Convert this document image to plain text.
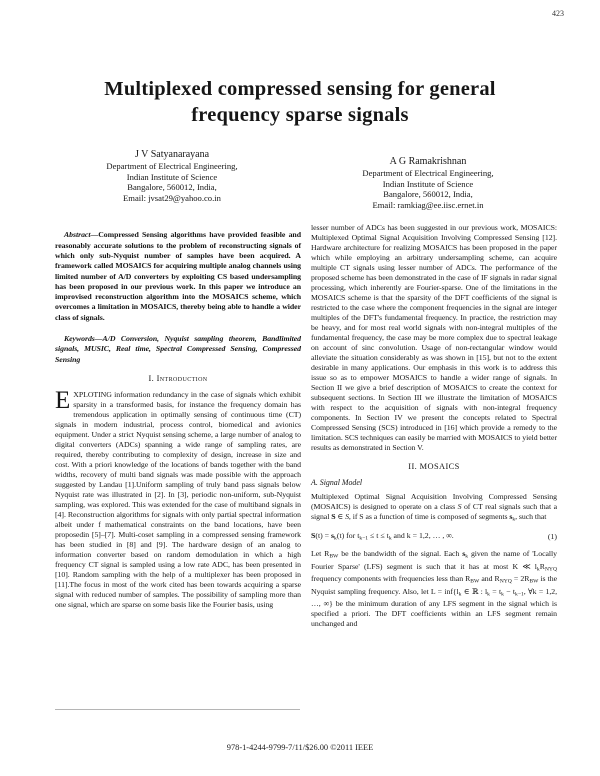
423
Multiplexed compressed sensing for general frequency sparse signals
J V Satyanarayana
Department of Electrical Engineering,
Indian Institute of Science
Bangalore, 560012, India,
Email: jvsat29@yahoo.co.in
A G Ramakrishnan
Department of Electrical Engineering,
Indian Institute of Science
Bangalore, 560012, India,
Email: ramkiag@ee.iisc.ernet.in

Abstract—Compressed Sensing algorithms have provided feasible and reasonably accurate solutions to the problem of reconstructing signals of which only sub-Nyquist number of samples have been acquired. A framework called MOSAICS for acquiring multiple analog channels using limited number of A/D converters by exploiting CS based undersampling has been proposed in our previous work. In this paper we introduce an improvised reconstruction algorithm into the MOSAICS scheme, which overcomes a limitation in MOSAICS, thereby being able to handle a wider class of signals.

Keywords—A/D Conversion, Nyquist sampling theorem, Bandlimited signals, MUSIC, Real time, Spectral Compressed Sensing, Compressed Sensing

I. Introduction

EXPLOTING information redundancy in the case of signals which exhibit sparsity in a transformed basis, for instance the frequency domain has tremendous application in optimally sensing of continuous time (CT) signals in modern industrial, process control, biomedical and avionics equipment. Under a strict Nyquist sensing scheme, a large number of analog to digital converters (ADCs) spanning a wide range of sampling rates, are required, thereby contributing to complexity of design, increase in size and cost. With a priori knowledge of the locations of bands together with the band widths, recovery of multi band signals was made possible with the approach suggested by Landau [1].Uniform sampling of truly band pass signals below Nyquist rate was illustrated in [2]. In [3], periodic non-uniform, sub-Nyquist sampling, was explored. This was extended for the case of multiband signals in [4]. Reconstruction algorithms for signals with only partial spectral information albeit under f mathematical constraints on the band locations, have been proposedin [5]–[7]. Multi-coset sampling in a compressed sensing framework has been studied in [8] and [9]. The hardware design of an analog to information converter based on random demodulation in which a high frequency CT signal is sampled using a low rate ADC, has been presented in [10]. Random sampling with the help of a multiplexer has been proposed in [11].The focus in most of the work cited has been towards acquiring a sparse signal with reduced number of samples. The possibility of sampling more than one signal, which are sparse on some basis like the Fourier basis, using

lesser number of ADCs has been suggested in our previous work, MOSAICS: Multiplexed Optimal Signal Acquisition Involving Compressed Sensing [12]. Hardware architecture for realizing MOSAICS has been proposed in the paper which while employing an arbitrary undersampling scheme, can acquire multiple CT signals using lesser number of ADCs. The performance of the proposed scheme has been demonstrated in the case of IF signals in radar signal processing, which inherently are Fourier-sparse. One of the limitations in the MOSAICS scheme is that the sparsity of the DFT coefficients of the signal is restricted to the case where the component frequencies in the signal are integer multiples of the DFT's fundamental frequency. In practice, the restriction may be heavy, and for most real world signals with non-integral multiples of the fundamental frequency, the case may be more complex due to spectral leakage on account of sinc convolution. Usage of non-rectangular window would alleviate the situation considerably as was shown in [15], but not to the extent desirable in many applications. Our emphasis in this work is to address this issue so as to empower MOSAICS to handle a wider range of signals. In Section II we give a brief description of MOSAICS to create the context for subsequent sections. In Section III we illustrate the limitation of MOSAICS with respect to the acquisition of signals with non-integral frequency components. In Section IV we present the concepts related to Spectral Compressed Sensing (SCS) introduced in [16] which provide a remedy to the limitation. SCS techniques can easily be married with MOSAICS to yield better results as demonstrated in Section V.

II. MOSAICS
A. Signal Model

Multiplexed Optimal Signal Acquisition Involving Compressed Sensing (MOSAICS) is designed to operate on a class S of CT real signals such that a signal S ∈ S, if S as a function of time is composed of segments sk, such that

S(t) = sk(t) for tk−1 ≤ t ≤ tk and k = 1,2, … , ∞.	(1)

Let RBW be the bandwidth of the signal. Each sk given the name of 'Locally Fourier Sparse' (LFS) segment is such that it has at most K ≪ lkRNYQ frequency components with frequencies less than RBW and RNYQ = 2RBW is the Nyquist sampling frequency. Also, let L = inf{lk ∈ ℝ : lk = tk − tk−1, ∀k = 1,2, …, ∞} be the minimum duration of any LFS segment in the signal which is specified a priori. The DFT coefficients within an LFS segment remain unchanged and

978-1-4244-9799-7/11/$26.00 ©2011 IEEE
